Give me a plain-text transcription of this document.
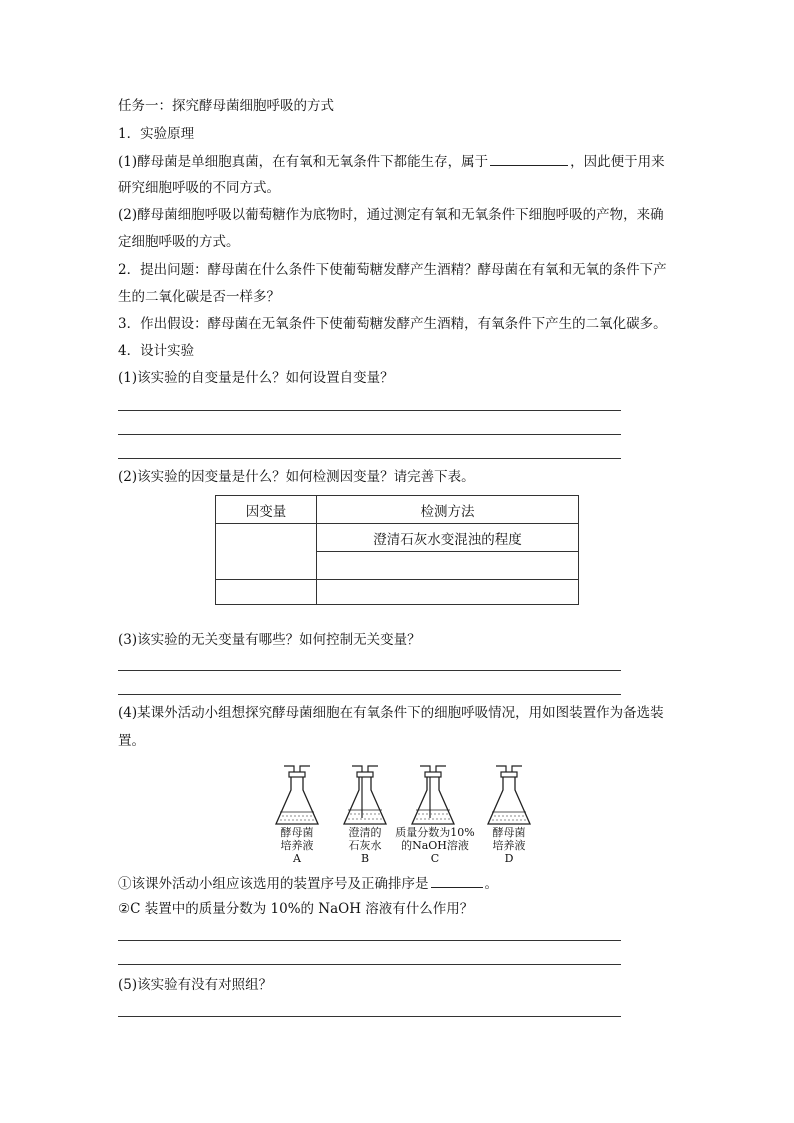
任务一：探究酵母菌细胞呼吸的方式
1．实验原理
(1)酵母菌是单细胞真菌，在有氧和无氧条件下都能生存，属于	，因此便于用来
研究细胞呼吸的不同方式。
(2)酵母菌细胞呼吸以葡萄糖作为底物时，通过测定有氧和无氧条件下细胞呼吸的产物，来确
定细胞呼吸的方式。
2．提出问题：酵母菌在什么条件下使葡萄糖发酵产生酒精？酵母菌在有氧和无氧的条件下产
生的二氧化碳是否一样多？
3．作出假设：酵母菌在无氧条件下使葡萄糖发酵产生酒精，有氧条件下产生的二氧化碳多。
4．设计实验
(1)该实验的自变量是什么？如何设置自变量？
(2)该实验的因变量是什么？如何检测因变量？请完善下表。
因变量	检测方法
	澄清石灰水变混浊的程度

(3)该实验的无关变量有哪些？如何控制无关变量？
(4)某课外活动小组想探究酵母菌细胞在有氧条件下的细胞呼吸情况，用如图装置作为备选装
置。
酵母菌
培养液
A
澄清的
石灰水
B
质量分数为10%
的NaOH溶液
C
酵母菌
培养液
D
①该课外活动小组应该选用的装置序号及正确排序是	。
②C 装置中的质量分数为 10%的 NaOH 溶液有什么作用？
(5)该实验有没有对照组？
